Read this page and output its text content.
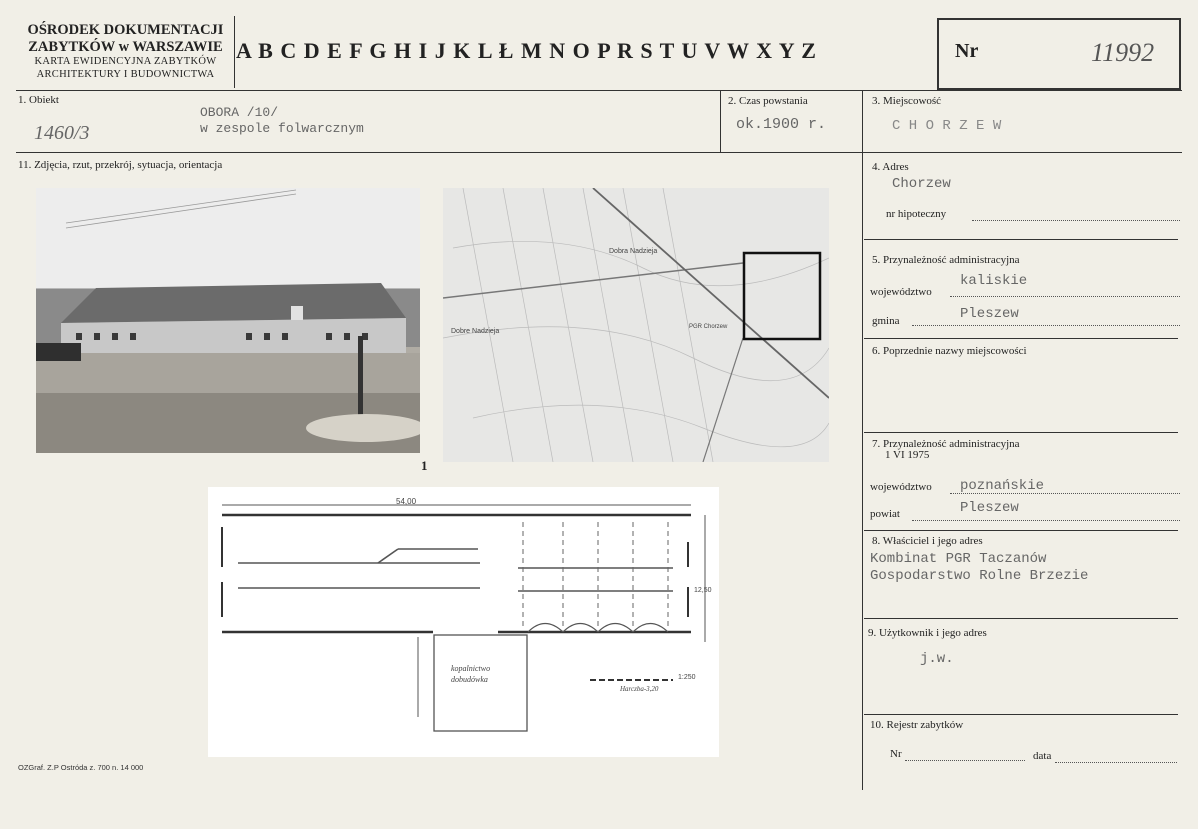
OŚRODEK DOKUMENTACJI
ZABYTKÓW w WARSZAWIE
KARTA EWIDENCYJNA ZABYTKÓW
ARCHITEKTURY I BUDOWNICTWA
A B C D E F G H I J K L Ł M N O P R S T U V W X Y Z	Nr	11992
1. Obiekt
OBORA /10/
w zespole folwarcznym
1460/3
2. Czas powstania
ok.1900 r.
3. Miejscowość
C H O R Z E W
11. Zdjęcia, rzut, przekrój, sytuacja, orientacja
1
Dobra Nadzieja
Dobre Nadzieja
PGR Chorzew
54,00
12,50
kopalnictwo
dobudówka	1:250
Harczba-3,20
4. Adres
Chorzew
nr hipoteczny
5. Przynależność administracyjna
województwo
kaliskie
gmina	Pleszew
6. Poprzednie nazwy miejscowości
7. Przynależność administracyjna
1 VI 1975
województwo poznańskie
powiat	Pleszew
8. Właściciel i jego adres
Kombinat PGR Taczanów
Gospodarstwo Rolne Brzezie
9. Użytkownik i jego adres
j.w.
10. Rejestr zabytków
Nr	data
OZGraf. Z.P Ostróda z. 700 n. 14 000
